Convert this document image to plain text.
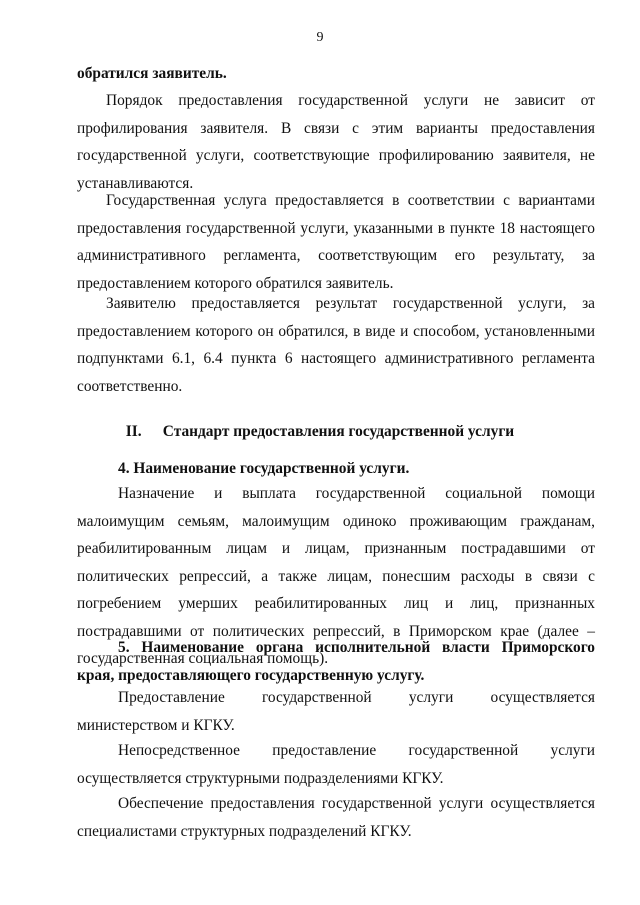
9

обратился заявитель.

Порядок предоставления государственной услуги не зависит от профилирования заявителя. В связи с этим варианты предоставления государственной услуги, соответствующие профилированию заявителя, не устанавливаются.

Государственная услуга предоставляется в соответствии с вариантами предоставления государственной услуги, указанными в пункте 18 настоящего административного регламента, соответствующим его результату, за предоставлением которого обратился заявитель.

Заявителю предоставляется результат государственной услуги, за предоставлением которого он обратился, в виде и способом, установленными подпунктами 6.1, 6.4 пункта 6 настоящего административного регламента соответственно.

II. Стандарт предоставления государственной услуги

4. Наименование государственной услуги.

Назначение и выплата государственной социальной помощи малоимущим семьям, малоимущим одиноко проживающим гражданам, реабилитированным лицам и лицам, признанным пострадавшими от политических репрессий, а также лицам, понесшим расходы в связи с погребением умерших реабилитированных лиц и лиц, признанных пострадавшими от политических репрессий, в Приморском крае (далее – государственная социальная помощь).

5. Наименование органа исполнительной власти Приморского края, предоставляющего государственную услугу.

Предоставление государственной услуги осуществляется министерством и КГКУ.

Непосредственное предоставление государственной услуги осуществляется структурными подразделениями КГКУ.

Обеспечение предоставления государственной услуги осуществляется специалистами структурных подразделений КГКУ.
